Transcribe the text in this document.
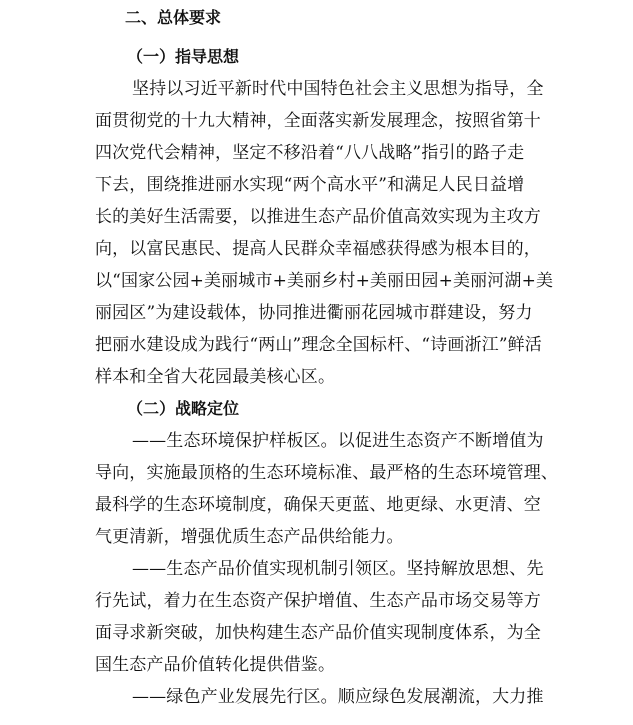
二、总体要求
（一）指导思想
坚持以习近平新时代中国特色社会主义思想为指导，全
面贯彻党的十九大精神，全面落实新发展理念，按照省第十
四次党代会精神，坚定不移沿着“八八战略”指引的路子走
下去，围绕推进丽水实现“两个高水平”和满足人民日益增
长的美好生活需要，以推进生态产品价值高效实现为主攻方
向，以富民惠民、提高人民群众幸福感获得感为根本目的，
以“国家公园+美丽城市+美丽乡村+美丽田园+美丽河湖+美
丽园区”为建设载体，协同推进衢丽花园城市群建设，努力
把丽水建设成为践行“两山”理念全国标杆、“诗画浙江”鲜活
样本和全省大花园最美核心区。
（二）战略定位
——生态环境保护样板区。以促进生态资产不断增值为
导向，实施最顶格的生态环境标准、最严格的生态环境管理、
最科学的生态环境制度，确保天更蓝、地更绿、水更清、空
气更清新，增强优质生态产品供给能力。
——生态产品价值实现机制引领区。坚持解放思想、先
行先试，着力在生态资产保护增值、生态产品市场交易等方
面寻求新突破，加快构建生态产品价值实现制度体系，为全
国生态产品价值转化提供借鉴。
——绿色产业发展先行区。顺应绿色发展潮流，大力推
